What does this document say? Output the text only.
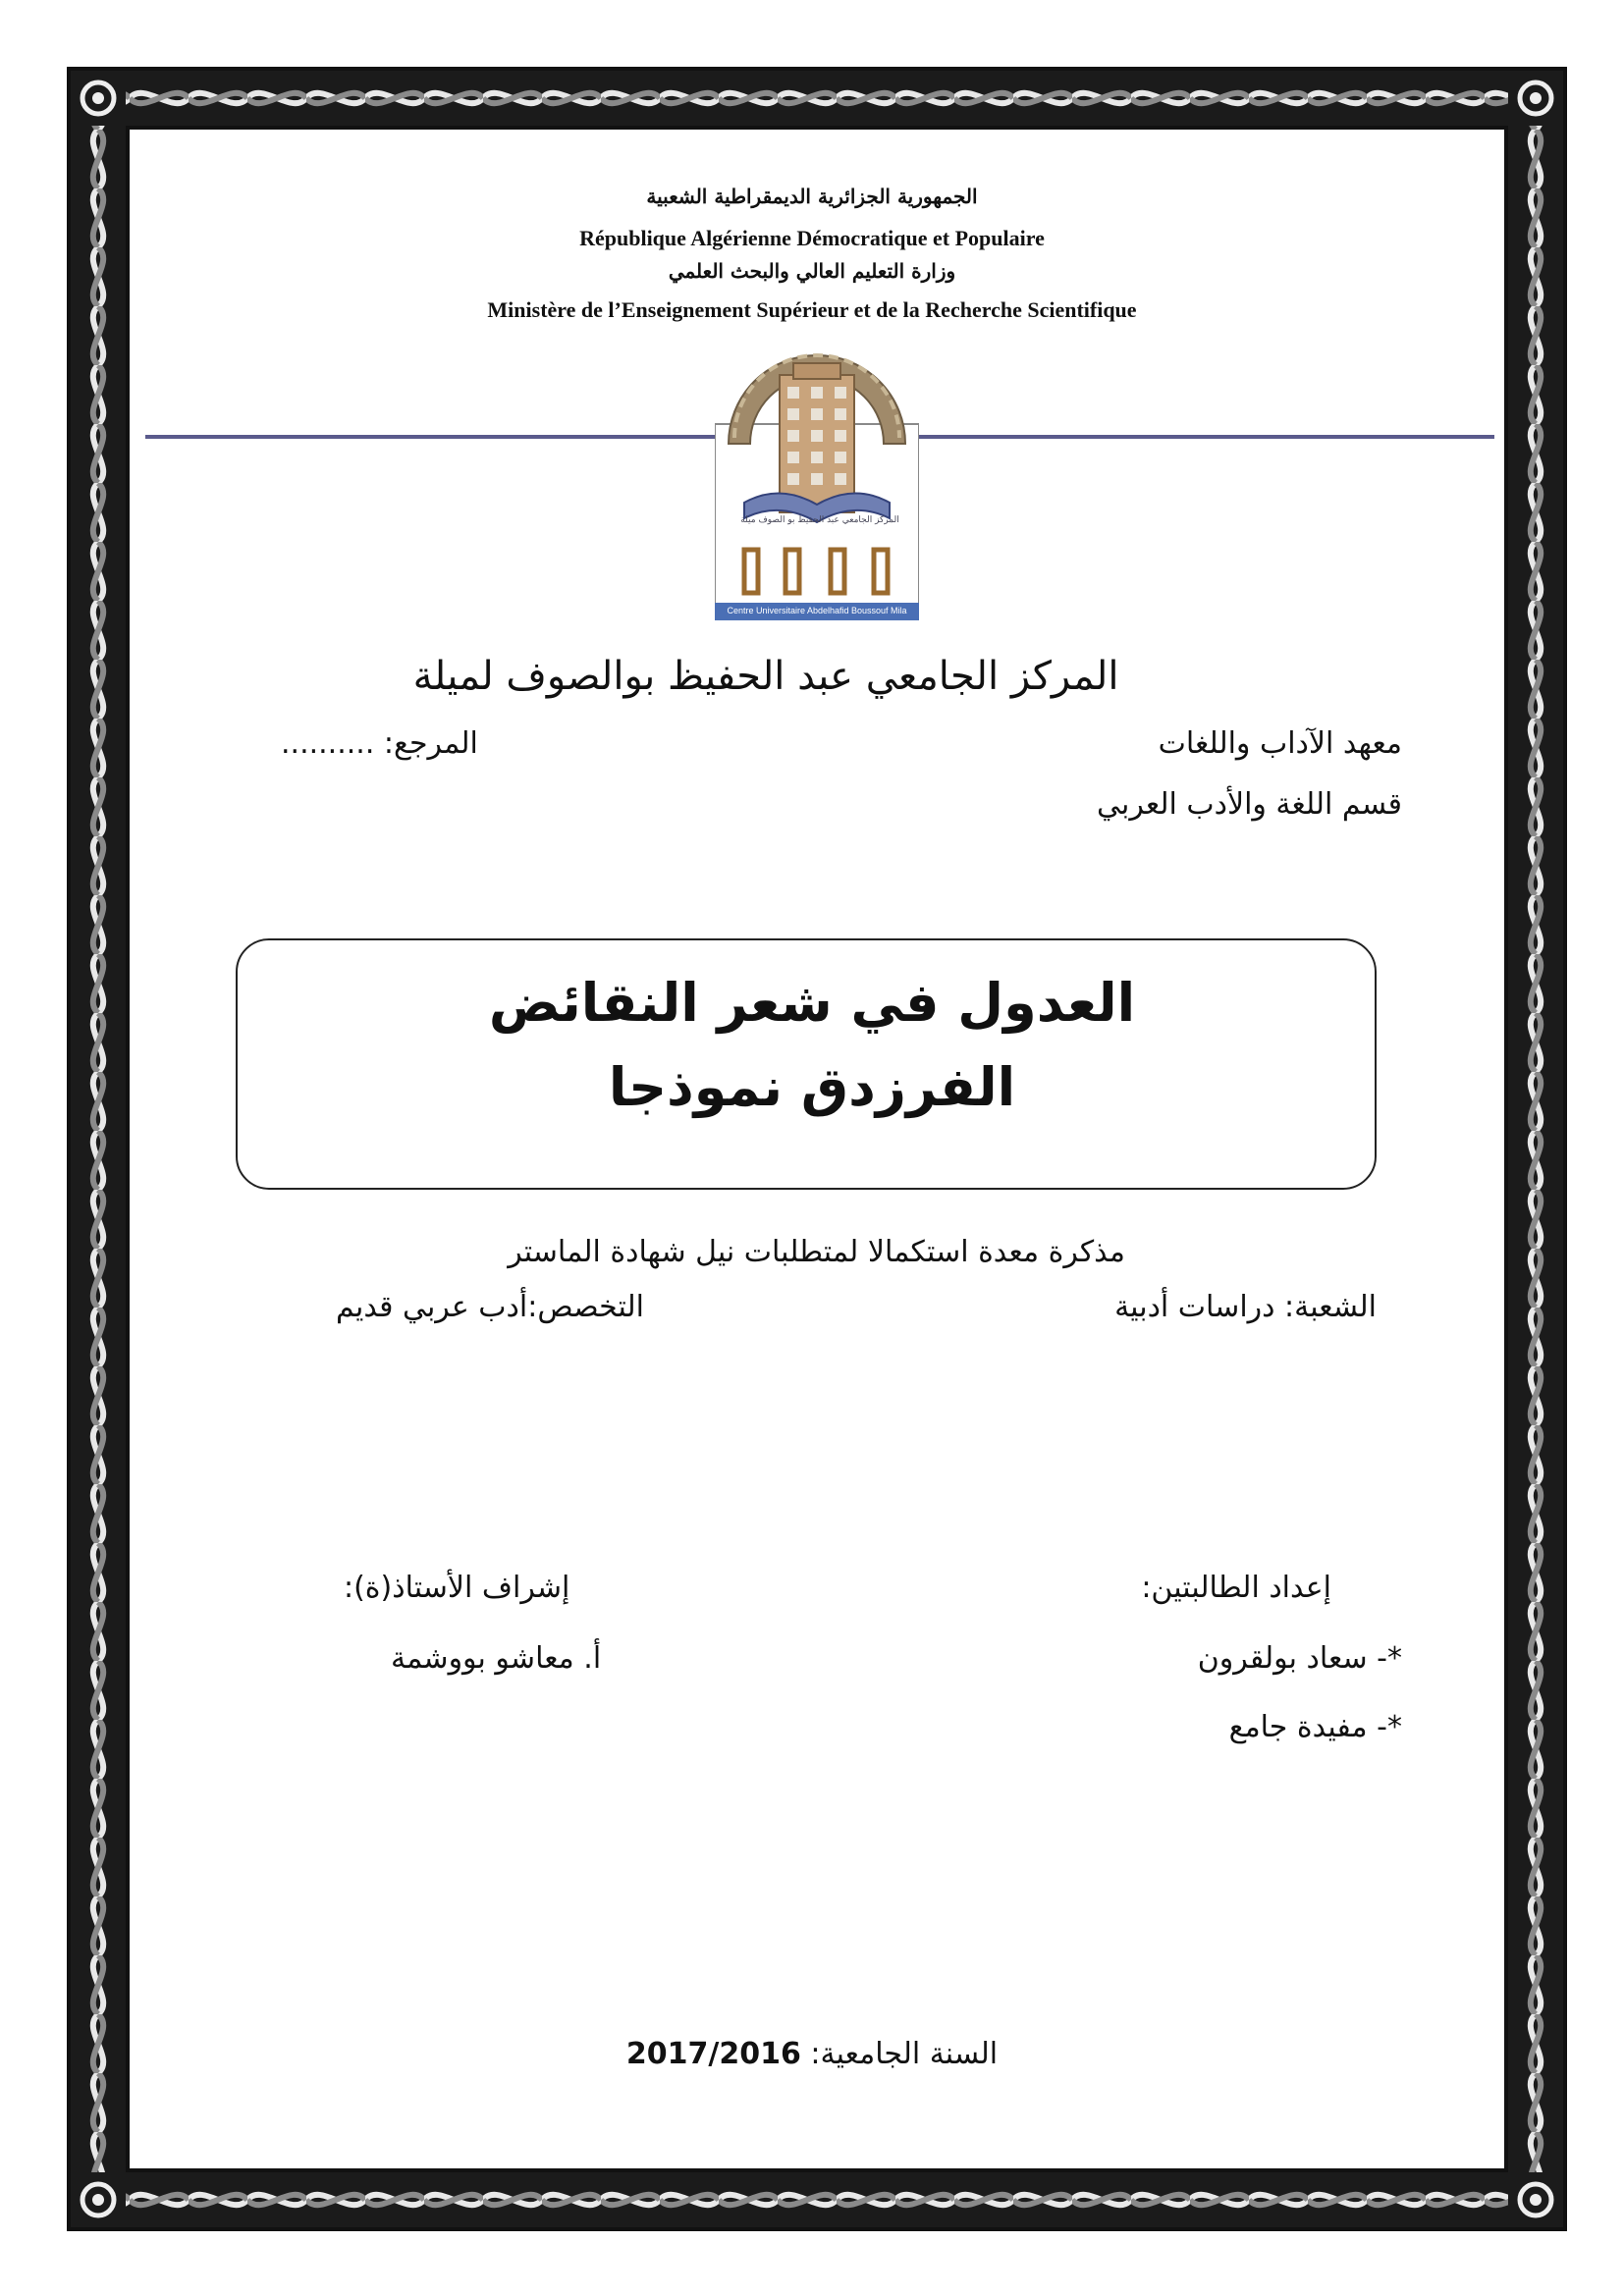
الجمهورية الجزائرية الديمقراطية الشعبية
République Algérienne Démocratique et Populaire
وزارة التعليم العالي والبحث العلمي
Ministère de l’Enseignement Supérieur et de la Recherche Scientifique
المركز الجامعي عبد الحفيظ بو الصوف ميلة
Centre Universitaire Abdelhafid Boussouf Mila
المركز الجامعي عبد الحفيظ بوالصوف لميلة
معهد الآداب واللغات
المرجع: ..........
قسم اللغة والأدب العربي
العدول في شعر النقائض
الفرزدق نموذجا
مذكرة معدة استكمالا لمتطلبات نيل شهادة الماستر
الشعبة: دراسات أدبية
التخصص:أدب عربي قديم
إعداد الطالبتين:
إشراف الأستاذ(ة):
*- سعاد بولقرون
أ. معاشو بووشمة
*- مفيدة جامع
السنة الجامعية: 2017/2016
